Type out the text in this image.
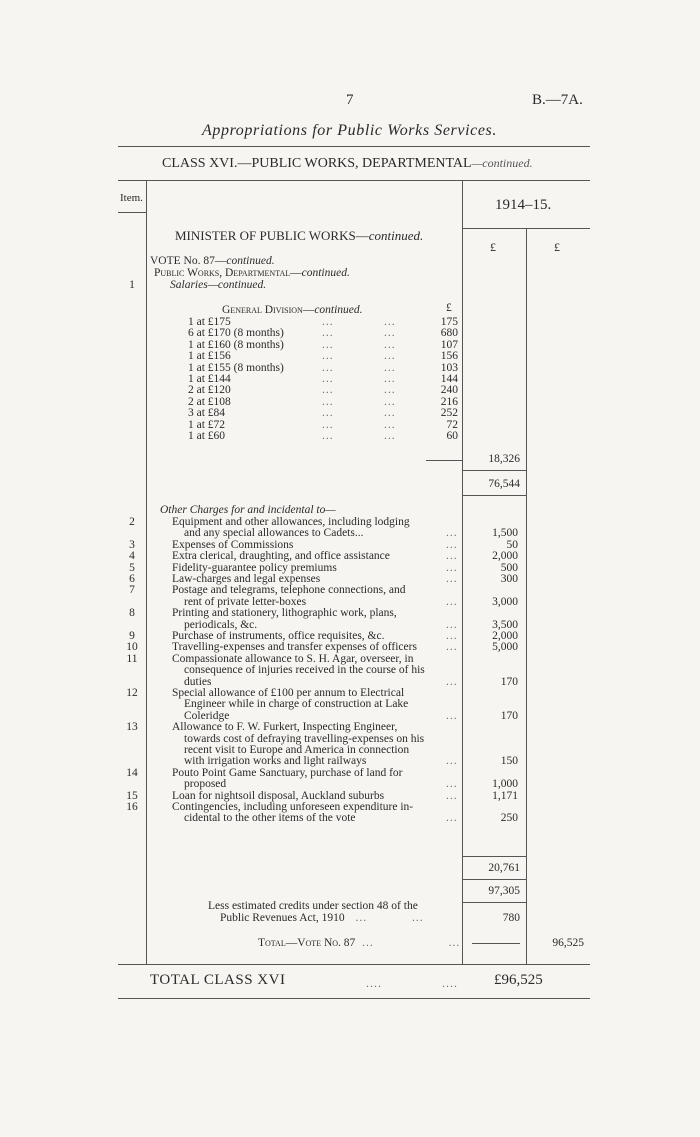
7	B.—7A.
Appropriations for Public Works Services.
CLASS XVI.—PUBLIC WORKS, DEPARTMENTAL—continued.
Item.	1914–15.
£	£
MINISTER OF PUBLIC WORKS—continued.
VOTE No. 87—continued.
Public Works, Departmental—continued.
Salaries—continued.
1
General Division—continued.	£
1 at £175	...	...	175
6 at £170 (8 months)	...	...	680
1 at £160 (8 months)	...	...	107
1 at £156	...	...	156
1 at £155 (8 months)	...	...	103
1 at £144	...	...	144
2 at £120	...	...	240
2 at £108	...	...	216
3 at £84	...	...	252
1 at £72	...	...	72
1 at £60	...	...	60
18,326
76,544
Other Charges for and incidental to—
2	Equipment and other allowances, including lodging
and any special allowances to Cadets...	...	1,500
3	Expenses of Commissions	...	50
4	Extra clerical, draughting, and office assistance	...	2,000
5	Fidelity-guarantee policy premiums	...	500
6	Law-charges and legal expenses	...	300
7	Postage and telegrams, telephone connections, and
rent of private letter-boxes	...	3,000
8	Printing and stationery, lithographic work, plans,
periodicals, &c.	...	3,500
9	Purchase of instruments, office requisites, &c.	...	2,000
10	Travelling-expenses and transfer expenses of officers	...	5,000
11	Compassionate allowance to S. H. Agar, overseer, in
consequence of injuries received in the course of his
duties	...	170
12	Special allowance of £100 per annum to Electrical
Engineer while in charge of construction at Lake
Coleridge	...	170
13	Allowance to F. W. Furkert, Inspecting Engineer,
towards cost of defraying travelling-expenses on his
recent visit to Europe and America in connection
with irrigation works and light railways	...	150
14	Pouto Point Game Sanctuary, purchase of land for
proposed	...	1,000
15	Loan for nightsoil disposal, Auckland suburbs	...	1,171
16	Contingencies, including unforeseen expenditure in-
cidental to the other items of the vote	...	250
20,761
97,305
Less estimated credits under section 48 of the
Public Revenues Act, 1910 ...	...	780
Total—Vote No. 87 ...	...	96,525
TOTAL CLASS XVI	....	.... £96,525
